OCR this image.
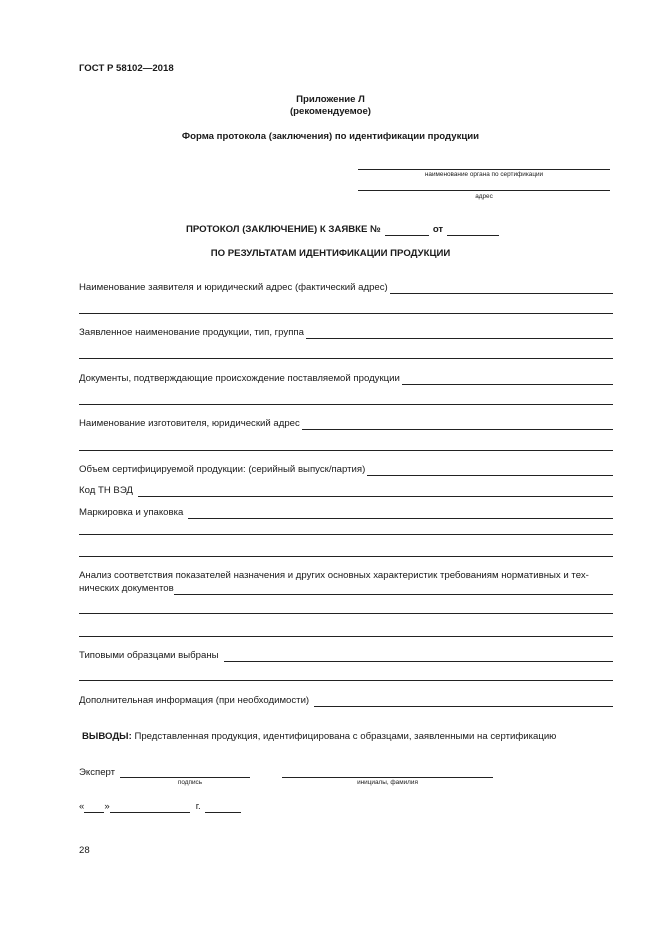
ГОСТ Р 58102—2018
Приложение Л
(рекомендуемое)
Форма протокола (заключения) по идентификации продукции
наименование органа по сертификации
адрес
ПРОТОКОЛ (ЗАКЛЮЧЕНИЕ) К ЗАЯВКЕ №	от
ПО РЕЗУЛЬТАТАМ ИДЕНТИФИКАЦИИ ПРОДУКЦИИ
Наименование заявителя и юридический адрес (фактический адрес)
Заявленное наименование продукции, тип, группа
Документы, подтверждающие происхождение поставляемой продукции
Наименование изготовителя, юридический адрес
Объем сертифицируемой продукции: (серийный выпуск/партия)
Код ТН ВЭД
Маркировка и упаковка
Анализ соответствия показателей назначения и других основных характеристик требованиям нормативных и тех-
нических документов
Типовыми образцами выбраны
Дополнительная информация (при необходимости)
ВЫВОДЫ: Представленная продукция, идентифицирована с образцами, заявленными на сертификацию
Эксперт
подпись	инициалы, фамилия
« »	г.
28
